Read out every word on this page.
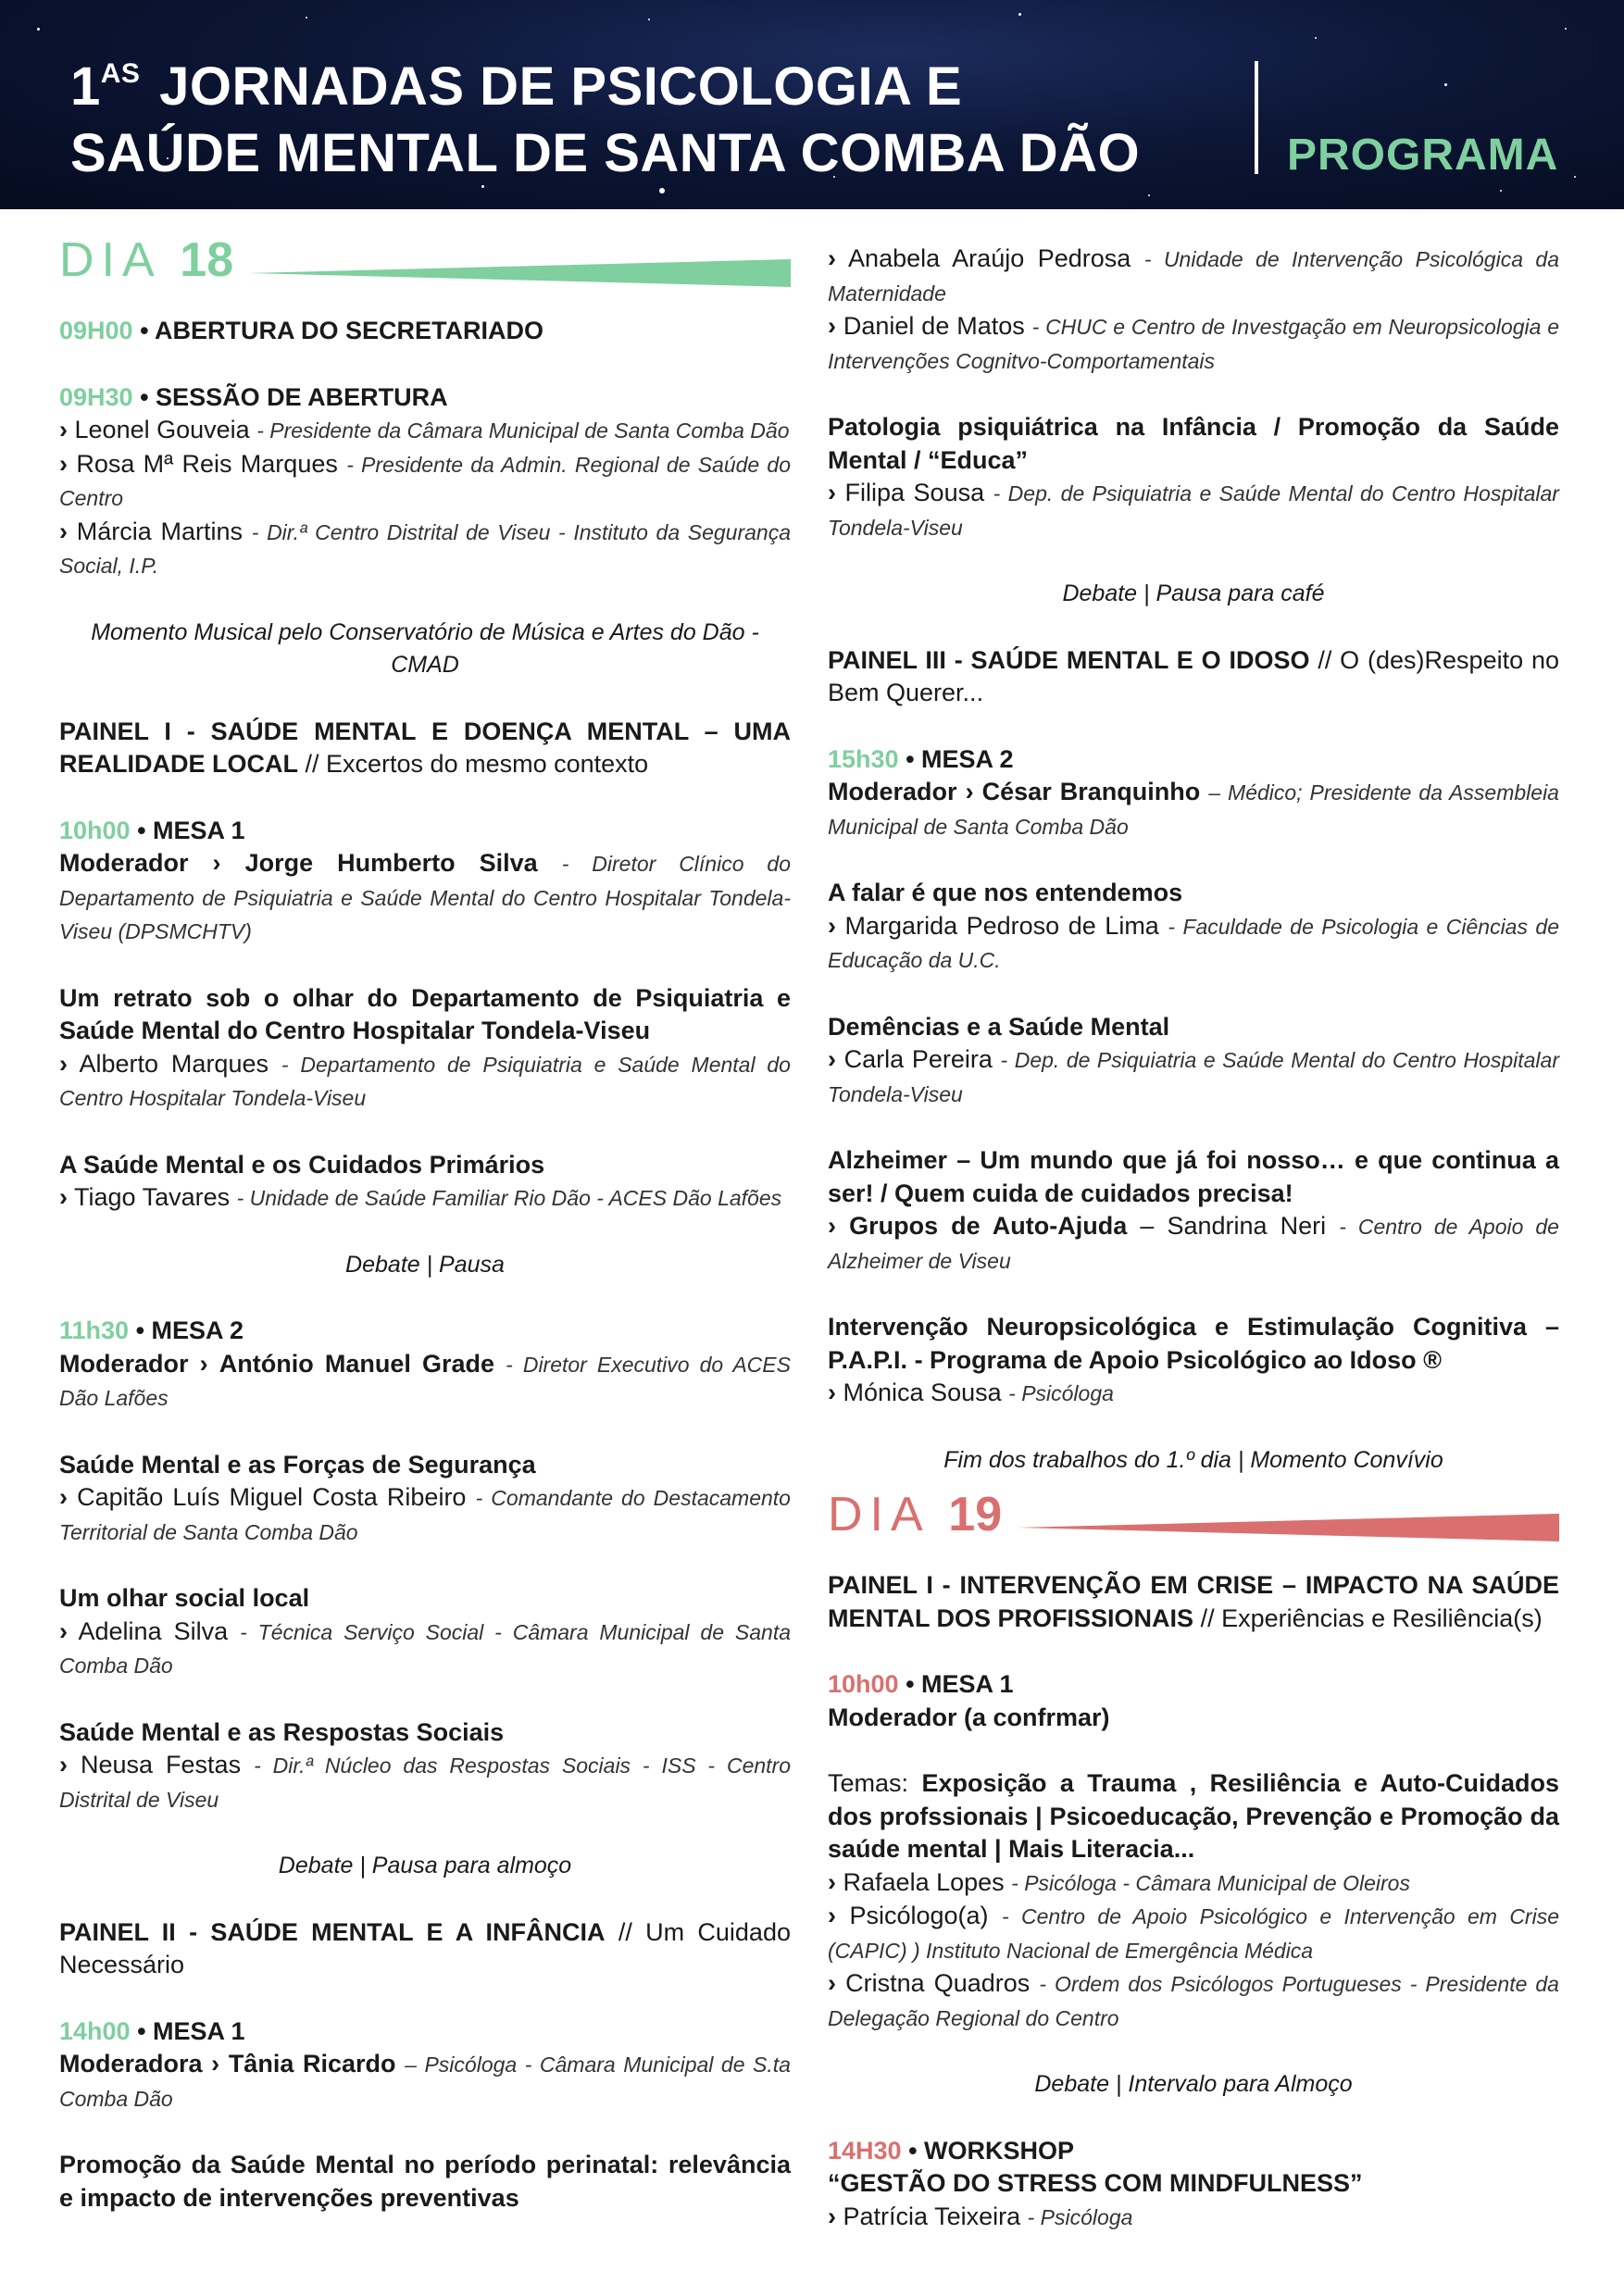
$1^{AS}$ JORNADAS DE PSICOLOGIA E
SAÚDE MENTAL DE SANTA COMBA DÃO	PROGRAMA
DIA 18
09H00 • ABERTURA DO SECRETARIADO
09H30 • SESSÃO DE ABERTURA

› Leonel Gouveia - Presidente da Câmara Municipal de Santa Comba Dão

› Rosa Mª Reis Marques - Presidente da Admin. Regional de Saúde do Centro

› Márcia Martins - Dir.ª Centro Distrital de Viseu - Instituto da Segurança Social, I.P.

Momento Musical pelo Conservatório de Música e Artes do Dão - CMAD

PAINEL I - SAÚDE MENTAL E DOENÇA MENTAL – UMA REALIDADE LOCAL // Excertos do mesmo contexto

10h00 • MESA 1

Moderador › Jorge Humberto Silva - Diretor Clínico do Departamento de Psiquiatria e Saúde Mental do Centro Hospitalar Tondela-Viseu (DPSMCHTV)

Um retrato sob o olhar do Departamento de Psiquiatria e Saúde Mental do Centro Hospitalar Tondela-Viseu

› Alberto Marques - Departamento de Psiquiatria e Saúde Mental do Centro Hospitalar Tondela-Viseu

A Saúde Mental e os Cuidados Primários

› Tiago Tavares - Unidade de Saúde Familiar Rio Dão - ACES Dão Lafões

Debate | Pausa
11h30 • MESA 2

Moderador › António Manuel Grade - Diretor Executivo do ACES Dão Lafões

Saúde Mental e as Forças de Segurança

› Capitão Luís Miguel Costa Ribeiro - Comandante do Destacamento Territorial de Santa Comba Dão

Um olhar social local

› Adelina Silva - Técnica Serviço Social - Câmara Municipal de Santa Comba Dão

Saúde Mental e as Respostas Sociais

› Neusa Festas - Dir.ª Núcleo das Respostas Sociais - ISS - Centro Distrital de Viseu

Debate | Pausa para almoço

PAINEL II - SAÚDE MENTAL E A INFÂNCIA // Um Cuidado Necessário

14h00 • MESA 1

Moderadora › Tânia Ricardo – Psicóloga - Câmara Municipal de S.ta Comba Dão

Promoção da Saúde Mental no período perinatal: relevância e impacto de intervenções preventivas

› Anabela Araújo Pedrosa - Unidade de Intervenção Psicológica da Maternidade

› Daniel de Matos - CHUC e Centro de Investgação em Neuropsicologia e Intervenções Cognitvo-Comportamentais

Patologia psiquiátrica na Infância / Promoção da Saúde Mental / “Educa”

› Filipa Sousa - Dep. de Psiquiatria e Saúde Mental do Centro Hospitalar Tondela-Viseu

Debate | Pausa para café

PAINEL III - SAÚDE MENTAL E O IDOSO // O (des)Respeito no Bem Querer...

15h30 • MESA 2

Moderador › César Branquinho – Médico; Presidente da Assembleia Municipal de Santa Comba Dão

A falar é que nos entendemos

› Margarida Pedroso de Lima - Faculdade de Psicologia e Ciências de Educação da U.C.

Demências e a Saúde Mental

› Carla Pereira - Dep. de Psiquiatria e Saúde Mental do Centro Hospitalar Tondela-Viseu

Alzheimer – Um mundo que já foi nosso… e que continua a ser! / Quem cuida de cuidados precisa!

› Grupos de Auto-Ajuda – Sandrina Neri - Centro de Apoio de Alzheimer de Viseu

Intervenção Neuropsicológica e Estimulação Cognitiva – P.A.P.I. - Programa de Apoio Psicológico ao Idoso ®

› Mónica Sousa - Psicóloga

Fim dos trabalhos do 1.º dia | Momento Convívio
DIA 19

PAINEL I - INTERVENÇÃO EM CRISE – IMPACTO NA SAÚDE MENTAL DOS PROFISSIONAIS // Experiências e Resiliência(s)

10h00 • MESA 1

Moderador (a confrmar)

Temas: Exposição a Trauma , Resiliência e Auto-Cuidados dos profssionais | Psicoeducação, Prevenção e Promoção da saúde mental | Mais Literacia...

› Rafaela Lopes - Psicóloga - Câmara Municipal de Oleiros

› Psicólogo(a) - Centro de Apoio Psicológico e Intervenção em Crise (CAPIC) ) Instituto Nacional de Emergência Médica

› Cristna Quadros - Ordem dos Psicólogos Portugueses - Presidente da Delegação Regional do Centro

Debate | Intervalo para Almoço
14H30 • WORKSHOP

“GESTÃO DO STRESS COM MINDFULNESS”

› Patrícia Teixeira - Psicóloga
